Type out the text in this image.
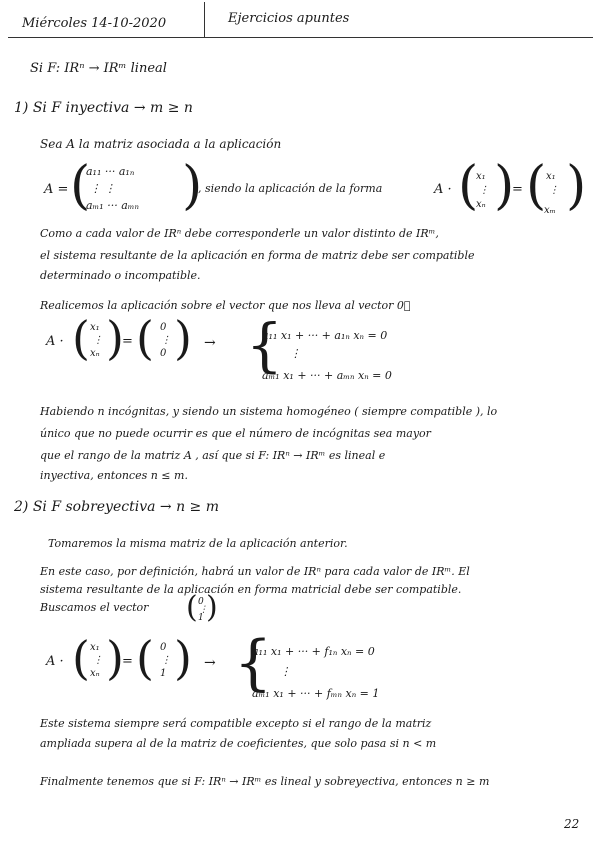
Miércoles 14-10-2020	Ejercicios apuntes
Si F: IRⁿ → IRᵐ lineal
1) Si F inyectiva → m ≥ n
Sea A la matriz asociada a la aplicación
A = (
a₁₁ ··· a₁ₙ
⋮ ⋮
aₘ₁ ··· aₘₙ )
, siendo la aplicación de la forma	A · (
x₁
⋮
xₙ )
= ( x₁
⋮
xₘ )
Como a cada valor de IRⁿ debe corresponderle un valor distinto de IRᵐ,
el sistema resultante de la aplicación en forma de matriz debe ser compatible
determinado o incompatible.
Realicemos la aplicación sobre el vector que nos lleva al vector 0⃗
A · ( x₁
⋮
xₙ )
= ( 0
⋮
0 ) → {
a₁₁ x₁ + ··· + a₁ₙ xₙ = 0
⋮
aₘ₁ x₁ + ··· + aₘₙ xₙ = 0
Habiendo n incógnitas, y siendo un sistema homogéneo ( siempre compatible ), lo
único que no puede ocurrir es que el número de incógnitas sea mayor
que el rango de la matriz A , así que si F: IRⁿ → IRᵐ es lineal e
inyectiva, entonces n ≤ m.
2) Si F sobreyectiva → n ≥ m
Tomaremos la misma matriz de la aplicación anterior.
En este caso, por definición, habrá un valor de IRⁿ para cada valor de IRᵐ. El
sistema resultante de la aplicación en forma matricial debe ser compatible.
Buscamos el vector ( 0
⋮
1 )
A · ( x₁
⋮
xₙ )
= ( 0
⋮
1 ) → {
a₁₁ x₁ + ··· + f₁ₙ xₙ = 0
⋮
aₘ₁ x₁ + ··· + fₘₙ xₙ = 1
Este sistema siempre será compatible excepto si el rango de la matriz
ampliada supera al de la matriz de coeficientes, que solo pasa si n < m
Finalmente tenemos que si F: IRⁿ → IRᵐ es lineal y sobreyectiva, entonces n ≥ m
22
